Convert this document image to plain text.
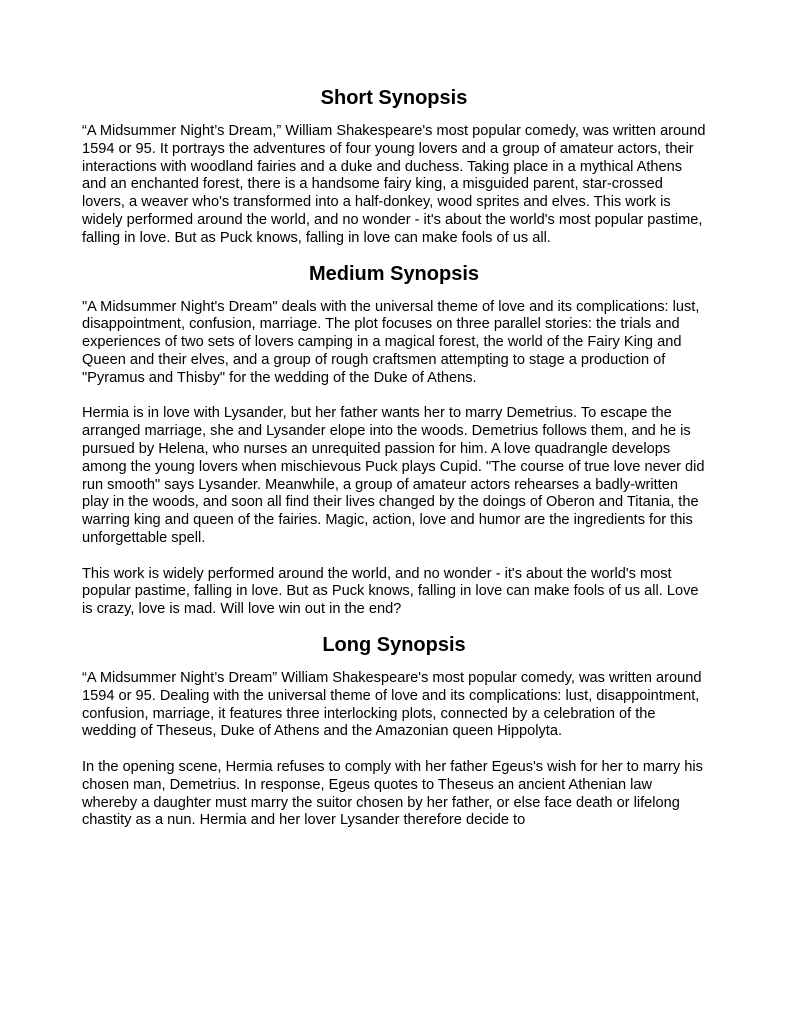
Short Synopsis

“A Midsummer Night’s Dream,” William Shakespeare's most popular comedy, was written around 1594 or 95. It portrays the adventures of four young lovers and a group of amateur actors, their interactions with woodland fairies and a duke and duchess. Taking place in a mythical Athens and an enchanted forest, there is a handsome fairy king, a misguided parent, star-crossed lovers, a weaver who's transformed into a half-donkey, wood sprites and elves. This work is widely performed around the world, and no wonder - it's about the world's most popular pastime, falling in love. But as Puck knows, falling in love can make fools of us all.

Medium Synopsis

"A Midsummer Night's Dream" deals with the universal theme of love and its complications: lust, disappointment, confusion, marriage. The plot focuses on three parallel stories: the trials and experiences of two sets of lovers camping in a magical forest, the world of the Fairy King and Queen and their elves, and a group of rough craftsmen attempting to stage a production of "Pyramus and Thisby" for the wedding of the Duke of Athens.

Hermia is in love with Lysander, but her father wants her to marry Demetrius. To escape the arranged marriage, she and Lysander elope into the woods. Demetrius follows them, and he is pursued by Helena, who nurses an unrequited passion for him. A love quadrangle develops among the young lovers when mischievous Puck plays Cupid. "The course of true love never did run smooth" says Lysander. Meanwhile, a group of amateur actors rehearses a badly-written play in the woods, and soon all find their lives changed by the doings of Oberon and Titania, the warring king and queen of the fairies. Magic, action, love and humor are the ingredients for this unforgettable spell.

This work is widely performed around the world, and no wonder - it's about the world's most popular pastime, falling in love. But as Puck knows, falling in love can make fools of us all. Love is crazy, love is mad. Will love win out in the end?

Long Synopsis

“A Midsummer Night’s Dream” William Shakespeare's most popular comedy, was written around 1594 or 95. Dealing with the universal theme of love and its complications: lust, disappointment, confusion, marriage, it features three interlocking plots, connected by a celebration of the wedding of Theseus, Duke of Athens and the Amazonian queen Hippolyta.

In the opening scene, Hermia refuses to comply with her father Egeus's wish for her to marry his chosen man, Demetrius. In response, Egeus quotes to Theseus an ancient Athenian law whereby a daughter must marry the suitor chosen by her father, or else face death or lifelong chastity as a nun. Hermia and her lover Lysander therefore decide to
